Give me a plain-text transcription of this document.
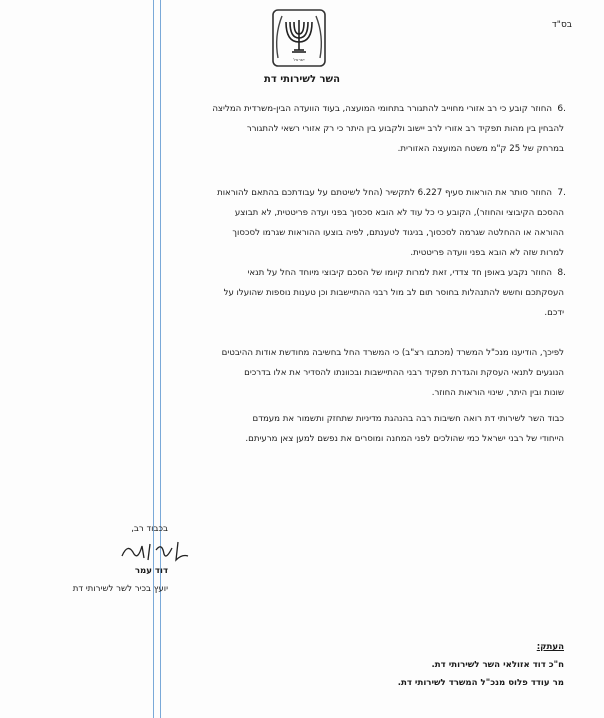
בס"ד
ישראל
השר לשירותי דת
6.
החוזר קובע כי רב אזורי מחוייב להתגורר בתחומי המועצה, בעוד הוועדה הבין-משרדית המליצה
להבחין בין מהות תפקיד רב אזורי לרב יישוב ולקבוע בין היתר כי רק אזורי רשאי להתגורר
במרחק של 25 ק"מ משטח המועצה האזורית.
7.
החוזר סותר את הוראות סעיף 6.227 לתקשיר (החל לשיטתם על עבודתכם בהתאם להוראות
ההסכם הקיבוצי והחוזר), הקובע כי כל עוד לא הובא סכסוך בפני ועדה פריטטית, לא תבוצע
ההוראה או ההחלטה שגרמה לסכסוך, בניגוד לטענתם, לפיה בוצעו ההוראות שגרמו לסכסוך
למרות שזה לא הובא בפני וועדה פריטטית.
8.
החוזר נקבע באופן חד צדדי, זאת למרות קיומו של הסכם קיבוצי מיוחד החל על תנאי
העסקתכם וחשש להתנהלות בחוסר תום לב מול רבני ההתיישבות וכן טענות נוספות שהועלו על
ידכם.
לפיכך, הודיענו מנכ"ל המשרד (מכתבו רצ"ב) כי המשרד החל בחשיבה מחודשת אודות ההיבטים
הנוגעים לתנאי העסקת והגדרת תפקיד רבני ההתיישבות ובכוונתו להסדיר את אלו בדרכים
שונות ובין היתר, שינוי הוראות החוזר.
כבוד השר לשירותי דת רואה חשיבות רבה בהנהגת מדיניות שתחזק ותשמור את מעמדם
הייחודי של רבני ישראל כמי שהולכים לפני המחנה ומוסרים את נפשם למען צאן מרעיתם.
בכבוד רב,
דוד עמר
יועץ בכיר לשר לשירותי דת
העתק:
ח"כ דוד אזולאי השר לשירותי דת.
מר עודד פלוס מנכ"ל המשרד לשירותי דת.
